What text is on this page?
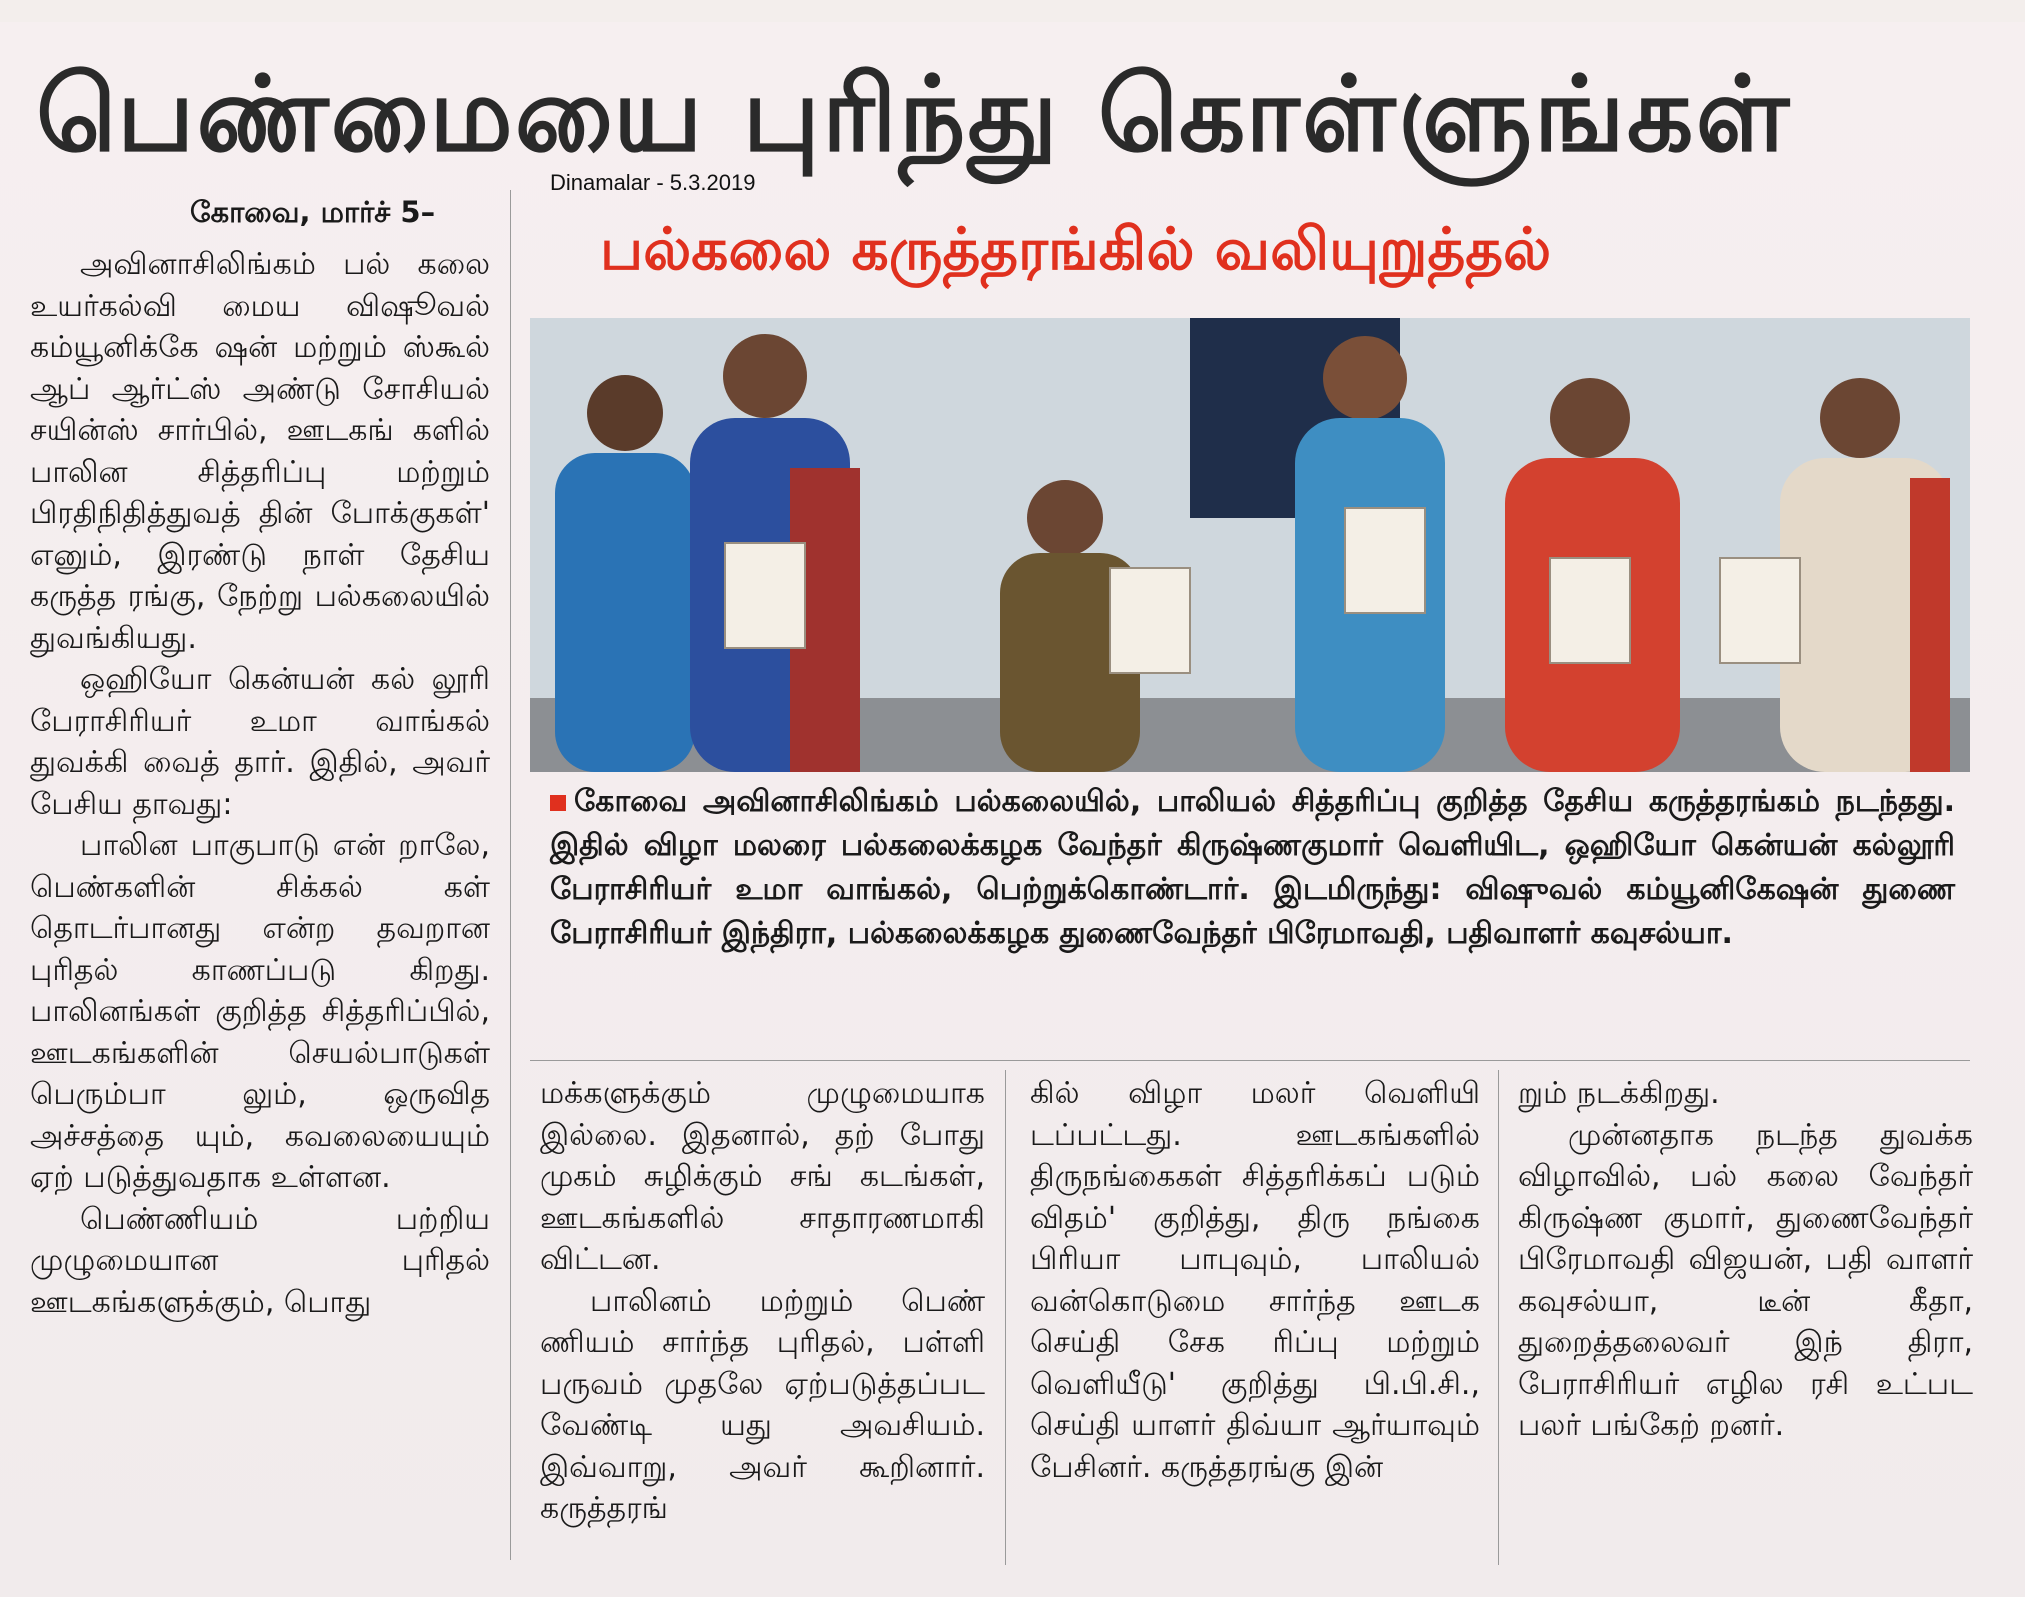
பெண்மையை புரிந்து கொள்ளுங்கள்
Dinamalar - 5.3.2019
கோவை, மார்ச் 5–
பல்கலை கருத்தரங்கில் வலியுறுத்தல்

அவினாசிலிங்கம் பல் கலை உயர்கல்வி மைய விஷூவல் கம்யூனிக்கே ஷன் மற்றும் ஸ்கூல் ஆப் ஆர்ட்ஸ் அண்டு சோசியல் சயின்ஸ் சார்பில், ஊடகங் களில் பாலின சித்தரிப்பு மற்றும் பிரதிநிதித்துவத் தின் போக்குகள்' எனும், இரண்டு நாள் தேசிய கருத்த ரங்கு, நேற்று பல்கலையில் துவங்கியது.

ஒஹியோ கென்யன் கல் லூரி பேராசிரியர் உமா வாங்கல் துவக்கி வைத் தார். இதில், அவர் பேசிய தாவது:

பாலின பாகுபாடு என் றாலே, பெண்களின் சிக்கல் கள் தொடர்பானது என்ற தவறான புரிதல் காணப்படு கிறது. பாலினங்கள் குறித்த சித்தரிப்பில், ஊடகங்களின் செயல்பாடுகள் பெரும்பா லும், ஒருவித அச்சத்தை யும், கவலையையும் ஏற் படுத்துவதாக உள்ளன.

பெண்ணியம் பற்றிய முழுமையான புரிதல் ஊடகங்களுக்கும், பொது

கோவை அவினாசிலிங்கம் பல்கலையில், பாலியல் சித்தரிப்பு குறித்த தேசிய கருத்தரங்கம் நடந்தது. இதில் விழா மலரை பல்கலைக்கழக வேந்தர் கிருஷ்ணகுமார் வெளியிட, ஒஹியோ கென்யன் கல்லூரி பேராசிரியர் உமா வாங்கல், பெற்றுக்கொண்டார். இடமிருந்து: விஷுவல் கம்யூனிகேஷன் துணை பேராசிரியர் இந்திரா, பல்கலைக்கழக துணைவேந்தர் பிரேமாவதி, பதிவாளர் கவுசல்யா.

மக்களுக்கும் முழுமையாக இல்லை. இதனால், தற் போது முகம் சுழிக்கும் சங் கடங்கள், ஊடகங்களில் சாதாரணமாகி விட்டன.

பாலினம் மற்றும் பெண் ணியம் சார்ந்த புரிதல், பள்ளி பருவம் முதலே ஏற்படுத்தப்பட வேண்டி யது அவசியம். இவ்வாறு, அவர் கூறினார். கருத்தரங்

கில் விழா மலர் வெளியி டப்பட்டது. ஊடகங்களில் திருநங்கைகள் சித்தரிக்கப் படும் விதம்' குறித்து, திரு நங்கை பிரியா பாபுவும், பாலியல் வன்கொடுமை சார்ந்த ஊடக செய்தி சேக ரிப்பு மற்றும் வெளியீடு' குறித்து பி.பி.சி., செய்தி யாளர் திவ்யா ஆர்யாவும் பேசினர். கருத்தரங்கு இன்

றும் நடக்கிறது.

முன்னதாக நடந்த துவக்க விழாவில், பல் கலை வேந்தர் கிருஷ்ண குமார், துணைவேந்தர் பிரேமாவதி விஜயன், பதி வாளர் கவுசல்யா, டீன் கீதா, துறைத்தலைவர் இந் திரா, பேராசிரியர் எழில ரசி உட்பட பலர் பங்கேற் றனர்.
